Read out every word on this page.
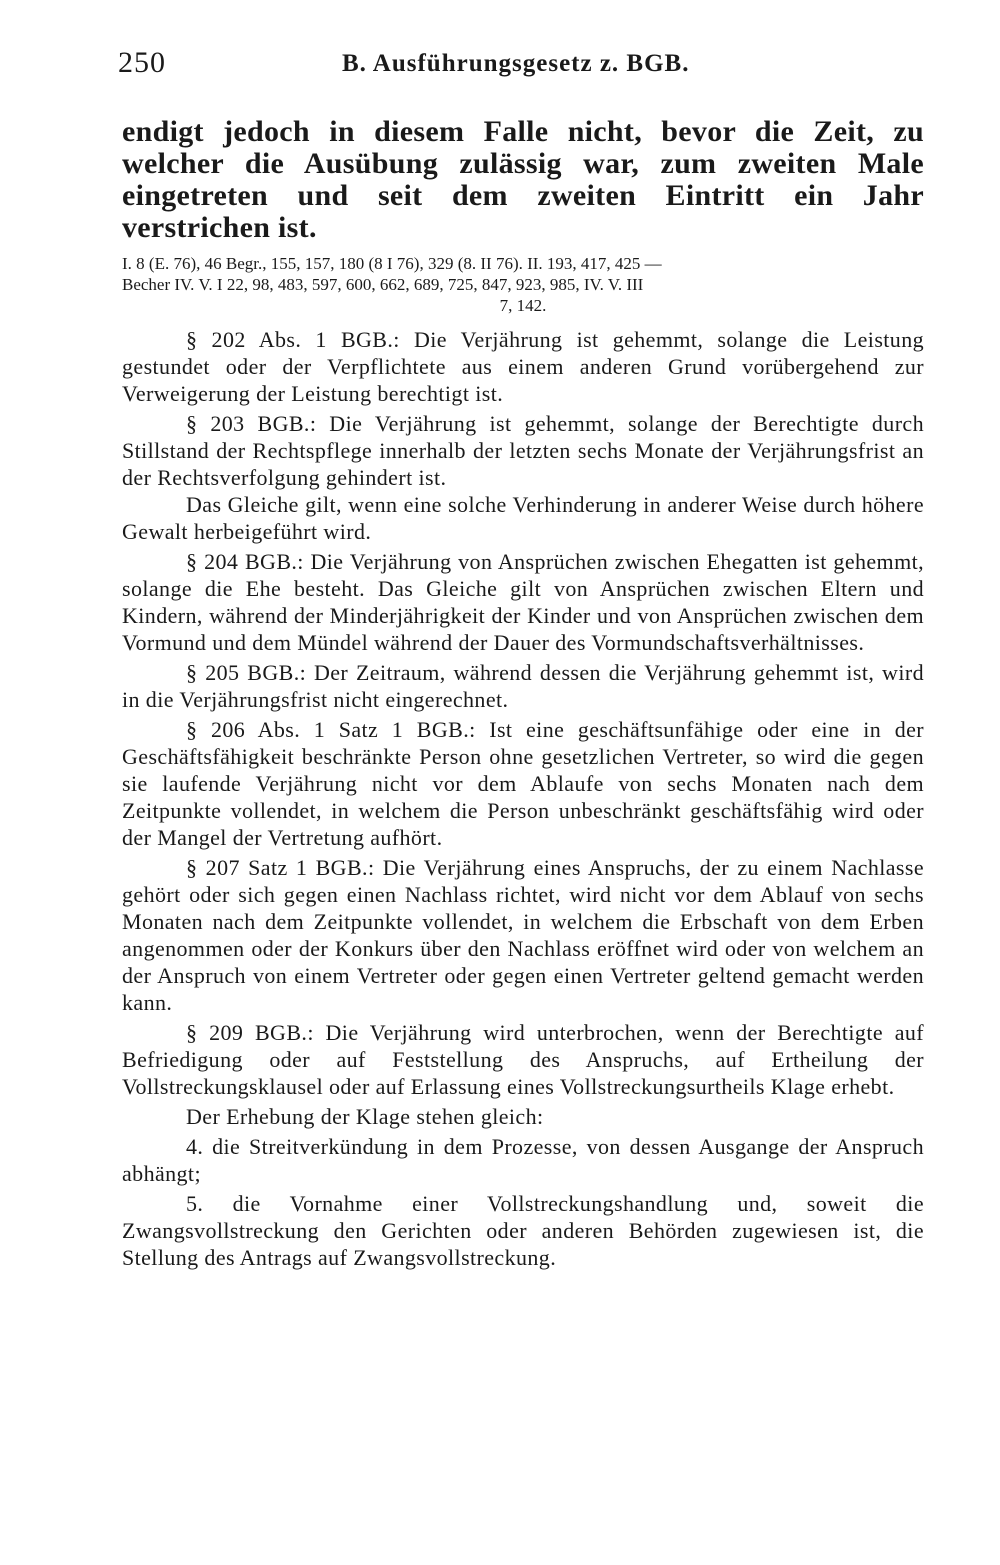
250	B. Ausführungsgesetz z. BGB.
endigt jedoch in diesem Falle nicht, bevor die Zeit, zu welcher die Ausübung zulässig war, zum zweiten Male eingetreten und seit dem zweiten Eintritt ein Jahr verstrichen ist.
I. 8 (E. 76), 46 Begr., 155, 157, 180 (8 I 76), 329 (8. II 76). II. 193, 417, 425 —
Becher IV. V. I 22, 98, 483, 597, 600, 662, 689, 725, 847, 923, 985, IV. V. III

7, 142.

§ 202 Abs. 1 BGB.: Die Verjährung ist gehemmt, solange die Leistung gestundet oder der Verpflichtete aus einem anderen Grund vorübergehend zur Verweigerung der Leistung berechtigt ist.

§ 203 BGB.: Die Verjährung ist gehemmt, solange der Berechtigte durch Stillstand der Rechtspflege innerhalb der letzten sechs Monate der Verjährungsfrist an der Rechtsverfolgung gehindert ist.

Das Gleiche gilt, wenn eine solche Verhinderung in anderer Weise durch höhere Gewalt herbeigeführt wird.

§ 204 BGB.: Die Verjährung von Ansprüchen zwischen Ehegatten ist gehemmt, solange die Ehe besteht. Das Gleiche gilt von Ansprüchen zwischen Eltern und Kindern, während der Minderjährigkeit der Kinder und von Ansprüchen zwischen dem Vormund und dem Mündel während der Dauer des Vormundschaftsverhältnisses.

§ 205 BGB.: Der Zeitraum, während dessen die Verjährung gehemmt ist, wird in die Verjährungsfrist nicht eingerechnet.

§ 206 Abs. 1 Satz 1 BGB.: Ist eine geschäftsunfähige oder eine in der Geschäftsfähigkeit beschränkte Person ohne gesetzlichen Vertreter, so wird die gegen sie laufende Verjährung nicht vor dem Ablaufe von sechs Monaten nach dem Zeitpunkte vollendet, in welchem die Person unbeschränkt geschäftsfähig wird oder der Mangel der Vertretung aufhört.

§ 207 Satz 1 BGB.: Die Verjährung eines Anspruchs, der zu einem Nachlasse gehört oder sich gegen einen Nachlass richtet, wird nicht vor dem Ablauf von sechs Monaten nach dem Zeitpunkte vollendet, in welchem die Erbschaft von dem Erben angenommen oder der Konkurs über den Nachlass eröffnet wird oder von welchem an der Anspruch von einem Vertreter oder gegen einen Vertreter geltend gemacht werden kann.

§ 209 BGB.: Die Verjährung wird unterbrochen, wenn der Berechtigte auf Befriedigung oder auf Feststellung des Anspruchs, auf Ertheilung der Vollstreckungsklausel oder auf Erlassung eines Vollstreckungsurtheils Klage erhebt.

Der Erhebung der Klage stehen gleich:

4. die Streitverkündung in dem Prozesse, von dessen Ausgange der Anspruch abhängt;

5. die Vornahme einer Vollstreckungshandlung und, soweit die Zwangsvollstreckung den Gerichten oder anderen Behörden zugewiesen ist, die Stellung des Antrags auf Zwangsvollstreckung.
